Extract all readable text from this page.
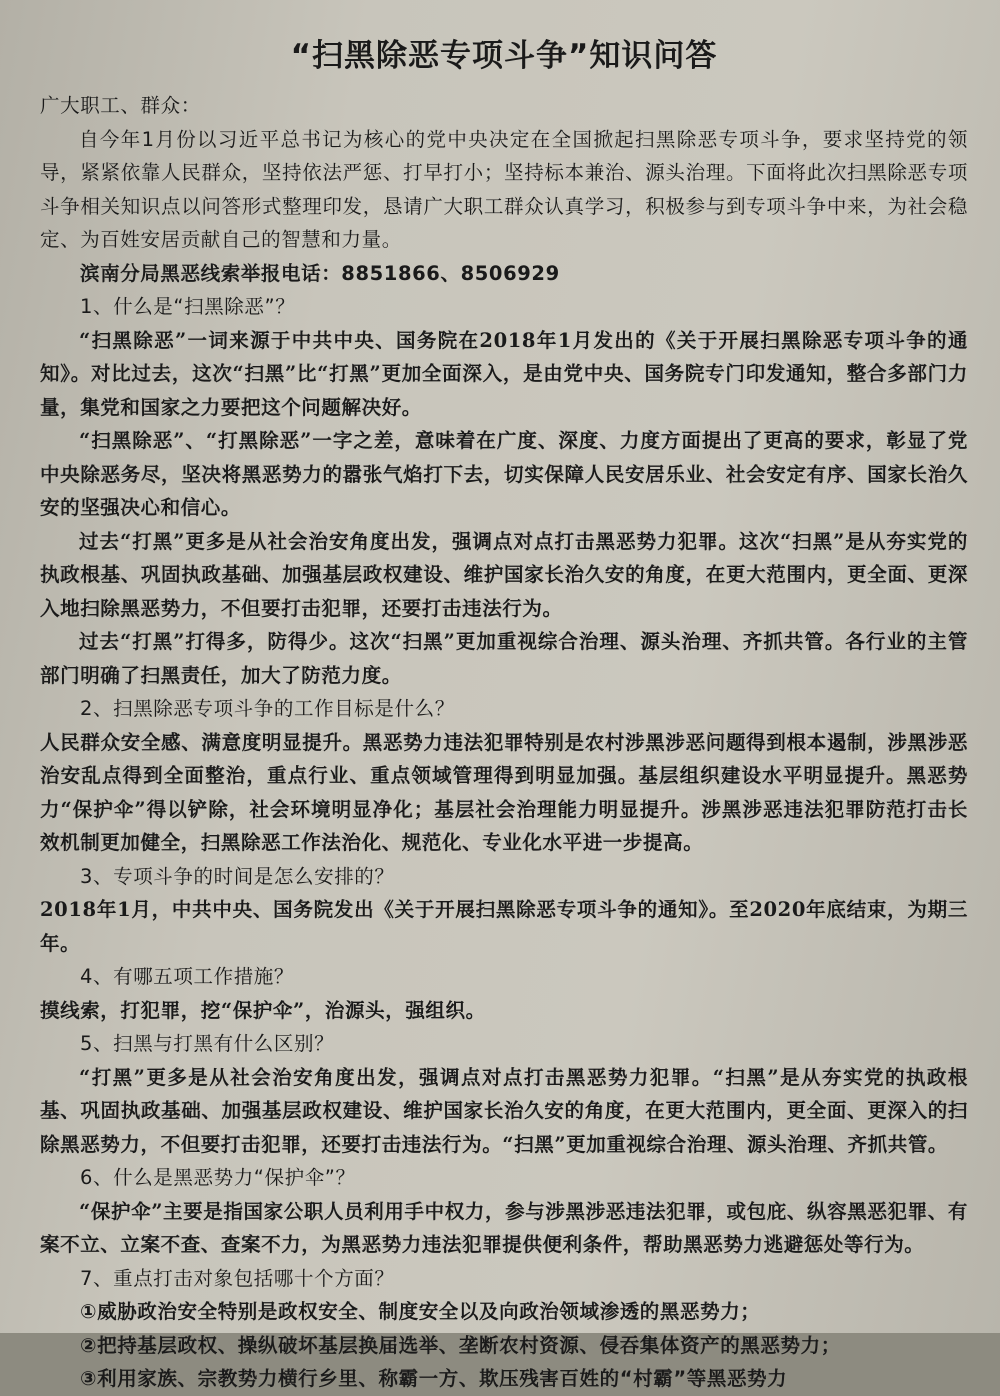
“扫黑除恶专项斗争”知识问答

广大职工、群众：

自今年1月份以习近平总书记为核心的党中央决定在全国掀起扫黑除恶专项斗争，要求坚持党的领导，紧紧依靠人民群众，坚持依法严惩、打早打小；坚持标本兼治、源头治理。下面将此次扫黑除恶专项斗争相关知识点以问答形式整理印发，恳请广大职工群众认真学习，积极参与到专项斗争中来，为社会稳定、为百姓安居贡献自己的智慧和力量。

滨南分局黑恶线索举报电话：8851866、8506929

1、什么是“扫黑除恶”？

“扫黑除恶”一词来源于中共中央、国务院在2018年1月发出的《关于开展扫黑除恶专项斗争的通知》。对比过去，这次“扫黑”比“打黑”更加全面深入，是由党中央、国务院专门印发通知，整合多部门力量，集党和国家之力要把这个问题解决好。

“扫黑除恶”、“打黑除恶”一字之差，意味着在广度、深度、力度方面提出了更高的要求，彰显了党中央除恶务尽，坚决将黑恶势力的嚣张气焰打下去，切实保障人民安居乐业、社会安定有序、国家长治久安的坚强决心和信心。

过去“打黑”更多是从社会治安角度出发，强调点对点打击黑恶势力犯罪。这次“扫黑”是从夯实党的执政根基、巩固执政基础、加强基层政权建设、维护国家长治久安的角度，在更大范围内，更全面、更深入地扫除黑恶势力，不但要打击犯罪，还要打击违法行为。

过去“打黑”打得多，防得少。这次“扫黑”更加重视综合治理、源头治理、齐抓共管。各行业的主管部门明确了扫黑责任，加大了防范力度。

2、扫黑除恶专项斗争的工作目标是什么？

人民群众安全感、满意度明显提升。黑恶势力违法犯罪特别是农村涉黑涉恶问题得到根本遏制，涉黑涉恶治安乱点得到全面整治，重点行业、重点领域管理得到明显加强。基层组织建设水平明显提升。黑恶势力“保护伞”得以铲除，社会环境明显净化；基层社会治理能力明显提升。涉黑涉恶违法犯罪防范打击长效机制更加健全，扫黑除恶工作法治化、规范化、专业化水平进一步提高。

3、专项斗争的时间是怎么安排的？

2018年1月，中共中央、国务院发出《关于开展扫黑除恶专项斗争的通知》。至2020年底结束，为期三年。

4、有哪五项工作措施？

摸线索，打犯罪，挖“保护伞”，治源头，强组织。

5、扫黑与打黑有什么区别？

“打黑”更多是从社会治安角度出发，强调点对点打击黑恶势力犯罪。“扫黑”是从夯实党的执政根基、巩固执政基础、加强基层政权建设、维护国家长治久安的角度，在更大范围内，更全面、更深入的扫除黑恶势力，不但要打击犯罪，还要打击违法行为。“扫黑”更加重视综合治理、源头治理、齐抓共管。

6、什么是黑恶势力“保护伞”？

“保护伞”主要是指国家公职人员利用手中权力，参与涉黑涉恶违法犯罪，或包庇、纵容黑恶犯罪、有案不立、立案不查、查案不力，为黑恶势力违法犯罪提供便利条件，帮助黑恶势力逃避惩处等行为。

7、重点打击对象包括哪十个方面？

①威胁政治安全特别是政权安全、制度安全以及向政治领域渗透的黑恶势力；

②把持基层政权、操纵破坏基层换届选举、垄断农村资源、侵吞集体资产的黑恶势力；

③利用家族、宗教势力横行乡里、称霸一方、欺压残害百姓的“村霸”等黑恶势力
